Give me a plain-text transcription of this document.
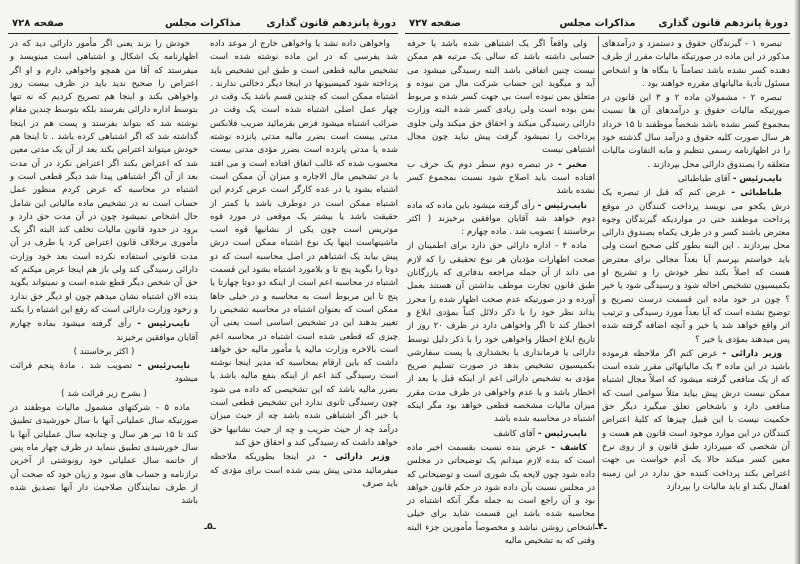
دورهٔ پانزدهم قانون گذاری
مذاکرات مجلس
صفحه ۷۲۸

واخواهی داده نشد یا واخواهی خارج از موعد داده شد بفرسی که در این ماده نوشته شده است تشخیص مالیه قطعی است و طبق این تشخیص باید پرداخته شود کمیسیونها در اینجا دیگر دخالتی ندارند . اشتباه ممکن است که چندین قسم باشد یک وقت در چهار عمل اصلی اشتباه شده است یک وقت در ضرائب اشتباه میشود فرض بفرمائید ضریب فلانکس مدتی بیست است بضرر مالیه مدتی پانزده نوشته شده یا مدتی پانزده است بضرر مؤدی مدتی بیست محسوب شده که غالب اتفاق افتاده است و می افتد یا در تشخیص مال الاجاره و میزان آن ممکن است اشتباه بشود یا در عده کارگر است عرض کردم این اشتباه ممکن است در دوطرف باشد یا کمتر از حقیقت باشد یا بیشتر یک موقعی در مورد قوه موتریس است چون یکی از نشانیها قوه اسب ماشینهاست اینها یک نوع اشتباه ممکن است درش پیش بیاید یک اشتباهم در اصل محاسبه است که دو دوتا را بگوید پنج تا و بلامورد اشتباه بشود این قسمت اشتباه در محاسبه اعم است از اینکه دو دوتا چهارتا یا پنج تا این مربوط است به محاسبه و در خیلی جاها ممکن است که بعنوان اشتباه در محاسبه تشخیص را تغییر بدهند این در تشخیص اساسی است یعنی آن چیزی که قطعی شده است اشتباه در محاسبه اعم است بالاخره وزارت مالیه یا مأمور مالیه حق خواهد داشت که باین ارقام بمحاسبه که مدیر اینجا نوشته است رسیدگی کند اعم از اینکه بنفع مالیه باشد یا بضرر مالیه باشد که این تشخیصی که داده می شود چون رسیدگی ثانوی ندارد این تشخیص قطعی است یا خیر اگر اشتباهی شده باشد چه از حیث میزان درآمد چه از حیث ضریب و چه از حیث نشانیها حق خواهد داشت که رسیدگی کند و احقاق حق کند

وزیر دارائی - در اینجا بطوریکه ملاحظه میفرمائید مدتی پیش بینی شده است برای مؤدی که باید صرف

خودش را بزند یعنی اگر مأمور دارائی دید که در اظهارنامه یک اشکال و اشتباهی است مینویسد و میفرستد که آقا من همچو واخواهی دارم و او اگر اعتراض را صحیح ندید باید در ظرف بیست روز واخواهی بکند و اینجا هم تصریح کردیم که نه تنها بتوسط اداره دارائی بفرستد بلکه بتوسط چندین مقام نوشته شد که بتواند بفرستد و پست هم در اینجا گذاشته شد که اگر اشتباهی کرده باشد . تا اینجا هم خودش میتواند اعتراض بکند بعد از آن یک مدتی معین شد که اعتراض بکند اگر اعتراض نکرد در آن مدت بعد از آن اگر اشتباهی پیدا شد دیگر قطعی است و اشتباه در محاسبه که عرض کردم منظور عمل حساب است نه در تشخیص ماده مالیاتی این شامل حال اشخاص نمیشود چون در آن مدت حق دارد و برود در حدود قانون مالیات تخلف کند البته اگر یک مأموری برخلاف قانون اعتراض کرد یا طرف در آن مدت قانونی استفاده نکرده است بعد خود وزارت دارائی رسیدگی کند ولی باز هم اینجا عرض میکنم که حق آن شخص دیگر قطع شده است و نمیتواند بگوید بنده الان اشتباه نشان میدهم چون او دیگر حق ندارد و رخود وزارت دارائی است که رفع این اشتباه را بکند

نایب‌رئیس - رأی گرفته میشود بماده چهارم آقایان موافقین برخیزند

( اکثر برخاستند )

نایب‌رئیس - تصویب شد . مادهٔ پنجم قرائت میشود

( بشرح زیر قرائت شد )

ماده ۵ - شرکتهای مشمول مالیات موظفند در صورتیکه سال عملیاتی آنها با سال خورشیدی تطبیق کند تا ۱۵ تیر هر سال و چنانچه سال عملیاتی آنها با سال خورشیدی تطبیق ننماید در ظرف چهار ماه پس از خاتمه سال عملیاتی خود رونوشتی از آخرین ترازنامه و حساب های سود و زیان خود که صحت آن از طرف نمایندگان صلاحیت دار آنها تصدیق شده باشد

ـ۵ـ
دورهٔ پانزدهم قانون گذاری
مذاکرات مجلس
صفحه ۷۲۷

تبصره ۱ - گیرندگان حقوق و دستمزد و درآمدهای مذکور در این ماده در صورتیکه مالیات مقرر از طرف دهنده کسر نشده باشد تضامناً با بنگاه ها و اشخاص مسئول تأدیهٔ مالیاتهای مقرره خواهند بود .

تبصره ۲ - مشمولان ماده ۲ و ۳ این قانون در صورتیکه مالیات حقوق و درآمدهای آن ها نسبت بمجموع کسر نشده باشد شخصاً موظفند تا ۱۵ خرداد هر سال صورت کلیه حقوق و درآمد سال گذشته خود را در اظهارنامه رسمی تنظیم و مابه التفاوت مالیات متعلقه را بصندوق دارائی محل بپردازند .

نایب‌رئیس - آقای طباطبائی

طباطبائی - عرض کنم که قبل از تبصره یک درش یکجو می نویسد پرداخت کنندگان در موقع پرداخت موظفند حتی در مواردیکه گیرندگان وجوه معترض باشند کسر و در ظرف یکماه بصندوق دارائی محل بپردازند . این البته بطور کلی صحیح است ولی باید خواستم بپرسم آیا بعداً مجالی برای معترض هست که اصلاً بکند نظر خودش را و تشریح او بکمیسیون تشخیص احاله شود و رسیدگی شود یا خیر ؟ چون در خود ماده این قسمت درست تصریح و توضیح نشده است که آیا بعداً مورد رسیدگی و ترتیب اثر واقع خواهد شد یا خیر و آنچه اضافه گرفته شده پس میدهند بمؤدی یا خیر ؟

وزیر دارائی - عرض کنم اگر ملاحظه فرموده باشید در این ماده ۳ یک مالیاتهائی مقرر شده است که از یک منافعی گرفته میشود که اصلاً مجال اشتباه ممکن نیست درش پیش بیاید مثلاً سوامی است که منافعی دارد و باشخاص تعلق میگیرد دیگر حق حکمیت نیست با این قبیل چیزها که کلیهٔ اعتراض کنندگان در این موارد موجود است قانون هم هست و آن شخصی که میپردازد طبق قانون و از روی نرخ معین کسر میکند حالا یک آدم خواست بی جهت اعتراض بکند پرداخت کننده حق ندارد در این زمینه اهمال بکند او باید مالیات را بپردازد

ولی واقعاً اگر یک اشتباهی شده باشد یا حرفه حسابی داشته باشد که سالی یک مرتبه هم ممکن نیست چنین اتفاقی باشد البته رسیدگی میشود می آید و میگوید این حساب شرکت مال من نبوده و متعلق بمن نبوده است بی جهت کسر شده و مربوط بمن بوده است ولی زیادی کسر شده البته وزارت دارائی رسیدگی میکند و احقاق حق میکند ولی جلوی پرداخت را نمیشود گرفت پیش نباید چون مجال اشتباهی نیست

مخبر - در تبصره دوم سطر دوم یک حرف ب افتاده است باید اصلاح شود نسبت بمجموع کسر نشده باشد

نایب‌رئیس - رأی گرفته میشود باین ماده که ماده دوم خواهد شد آقایان موافقین برخیزند ( اکثر برخاستند ) تصویب شد . ماده چهارم :

ماده ۴ - اداره دارائی حق دارد برای اطمینان از صحت اظهارات مؤدیان هر نوع تحقیقی را که لازم می داند از آن جمله مراجعه بدفاتری که بازرگانان طبق قانون تجارت موظف بداشتن آن هستند بعمل آورده و در صورتیکه عدم صحت اظهار شده را محرز بداند نظر خود را با ذکر دلائل کتباً بمؤدی ابلاغ و اخطار کند تا اگر واخواهی دارد در ظرف ۲۰ روز از تاریخ ابلاغ اخطار واخواهی خود را با ذکر دلیل توسط دارائی یا فرمانداری یا بخشداری یا پست سفارشی بکمیسیون تشخیص بدهد در صورت تسلیم صریح مؤدی به تشخیص دارائی اعم از اینکه قبل یا بعد از اخطار باشد و یا عدم واخواهی در ظرف مدت مقرر میزان مالیات مشخصه قطعی خواهد بود مگر اینکه اشتباه در محاسبه شده باشد

نایب‌رئیس - آقای کاشف

کاشف - عرض بنده نسبت بقسمت اخیر ماده است که بنده لازم میدانم یک توضیحاتی در مجلس داده شود چون لایحه یک شوری است و توضیحاتی که در مجلس نسبت بآن داده شود در حکم قانون خواهد بود و آن راجع است به جمله مگر آنکه اشتباه در محاسبه شده باشد این قسمت شاید برای خیلی اشخاص روشن نباشد و مخصوصاً مأمورین جزء البته وقتی که به تشخیص مالیه

ـ۴ـ
